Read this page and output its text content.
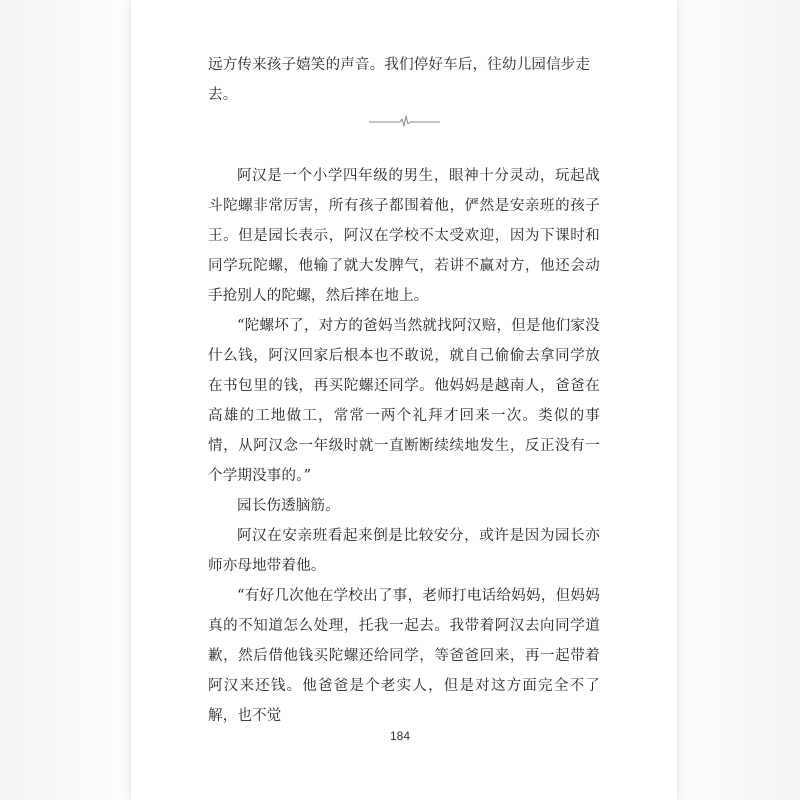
远方传来孩子嬉笑的声音。我们停好车后，往幼儿园信步走去。

阿汉是一个小学四年级的男生，眼神十分灵动，玩起战斗陀螺非常厉害，所有孩子都围着他，俨然是安亲班的孩子王。但是园长表示，阿汉在学校不太受欢迎，因为下课时和同学玩陀螺，他输了就大发脾气，若讲不赢对方，他还会动手抢别人的陀螺，然后摔在地上。

“陀螺坏了，对方的爸妈当然就找阿汉赔，但是他们家没什么钱，阿汉回家后根本也不敢说，就自己偷偷去拿同学放在书包里的钱，再买陀螺还同学。他妈妈是越南人，爸爸在高雄的工地做工，常常一两个礼拜才回来一次。类似的事情，从阿汉念一年级时就一直断断续续地发生，反正没有一个学期没事的。”

园长伤透脑筋。

阿汉在安亲班看起来倒是比较安分，或许是因为园长亦师亦母地带着他。

“有好几次他在学校出了事，老师打电话给妈妈，但妈妈真的不知道怎么处理，托我一起去。我带着阿汉去向同学道歉，然后借他钱买陀螺还给同学，等爸爸回来，再一起带着阿汉来还钱。他爸爸是个老实人，但是对这方面完全不了解，也不觉

184
